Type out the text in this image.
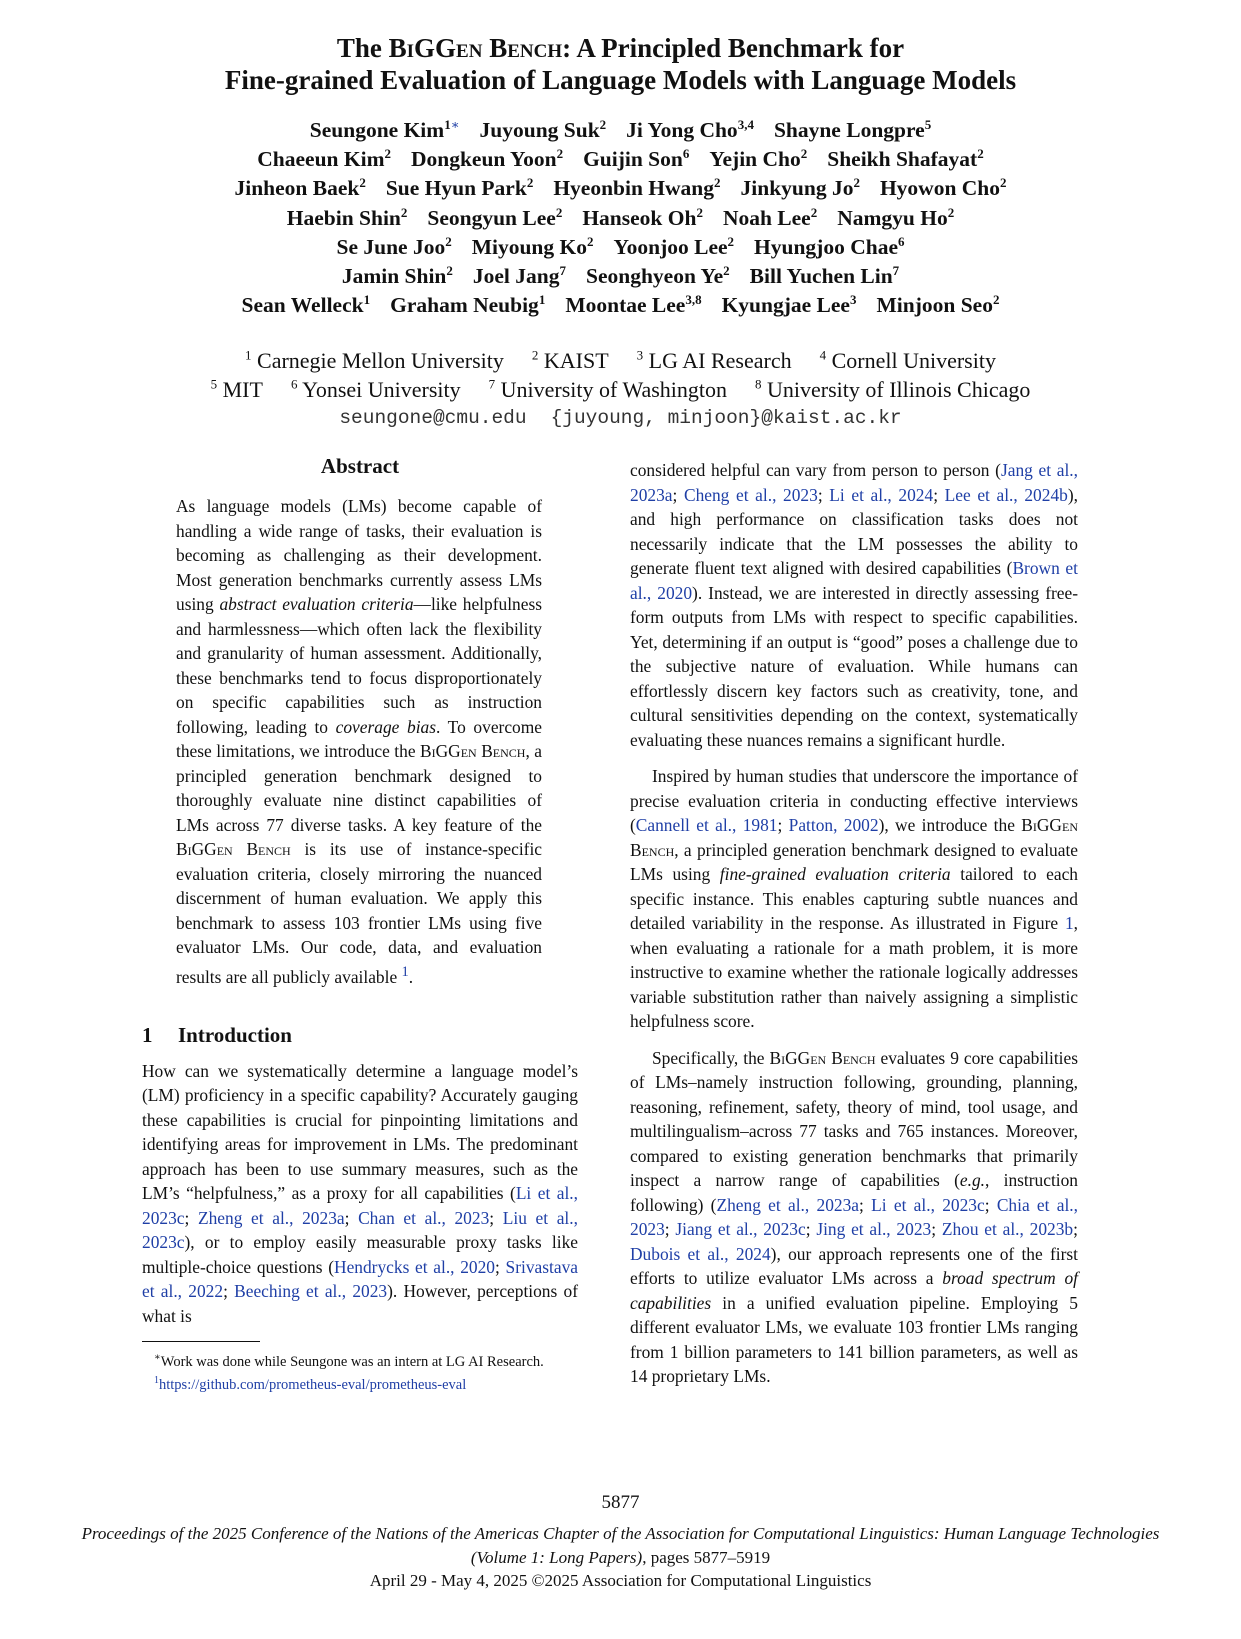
The BiGGen Bench: A Principled Benchmark for
Fine-grained Evaluation of Language Models with Language Models
Seungone Kim$^{1∗}$ Juyoung Suk$^2$ Ji Yong Cho$^{3,4}$ Shayne Longpre$^5$
Chaeeun Kim$^2$ Dongkeun Yoon$^2$ Guijin Son$^6$ Yejin Cho$^2$ Sheikh Shafayat$^2$
Jinheon Baek$^2$ Sue Hyun Park$^2$ Hyeonbin Hwang$^2$ Jinkyung Jo$^2$ Hyowon Cho$^2$
Haebin Shin$^2$ Seongyun Lee$^2$ Hanseok Oh$^2$ Noah Lee$^2$ Namgyu Ho$^2$
Se June Joo$^2$ Miyoung Ko$^2$ Yoonjoo Lee$^2$ Hyungjoo Chae$^6$
Jamin Shin$^2$ Joel Jang$^7$ Seonghyeon Ye$^2$ Bill Yuchen Lin$^7$
Sean Welleck$^1$ Graham Neubig$^1$ Moontae Lee$^{3,8}$ Kyungjae Lee$^3$ Minjoon Seo$^2$
$^1$ Carnegie Mellon University $^2$ KAIST $^3$ LG AI Research $^4$ Cornell University
$^5$ MIT $^6$ Yonsei University $^7$ University of Washington $^8$ University of Illinois Chicago
seungone@cmu.edu {juyoung, minjoon}@kaist.ac.kr
Abstract

As language models (LMs) become capable of handling a wide range of tasks, their evaluation is becoming as challenging as their development. Most generation benchmarks currently assess LMs using abstract evaluation criteria—like helpfulness and harmlessness—which often lack the flexibility and granularity of human assessment. Additionally, these benchmarks tend to focus disproportionately on specific capabilities such as instruction following, leading to coverage bias. To overcome these limitations, we introduce the BiGGen Bench, a principled generation benchmark designed to thoroughly evaluate nine distinct capabilities of LMs across 77 diverse tasks. A key feature of the BiGGen Bench is its use of instance-specific evaluation criteria, closely mirroring the nuanced discernment of human evaluation. We apply this benchmark to assess 103 frontier LMs using five evaluator LMs. Our code, data, and evaluation results are all publicly available $^1$.

1 Introduction

How can we systematically determine a language model’s (LM) proficiency in a specific capability? Accurately gauging these capabilities is crucial for pinpointing limitations and identifying areas for improvement in LMs. The predominant approach has been to use summary measures, such as the LM’s “helpfulness,” as a proxy for all capabilities (Li et al., 2023c; Zheng et al., 2023a; Chan et al., 2023; Liu et al., 2023c), or to employ easily measurable proxy tasks like multiple-choice questions (Hendrycks et al., 2020; Srivastava et al., 2022; Beeching et al., 2023). However, perceptions of what is

∗Work was done while Seungone was an intern at LG AI Research.
$^1$https://github.com/prometheus-eval/prometheus-eval

considered helpful can vary from person to person (Jang et al., 2023a; Cheng et al., 2023; Li et al., 2024; Lee et al., 2024b), and high performance on classification tasks does not necessarily indicate that the LM possesses the ability to generate fluent text aligned with desired capabilities (Brown et al., 2020). Instead, we are interested in directly assessing free-form outputs from LMs with respect to specific capabilities. Yet, determining if an output is “good” poses a challenge due to the subjective nature of evaluation. While humans can effortlessly discern key factors such as creativity, tone, and cultural sensitivities depending on the context, systematically evaluating these nuances remains a significant hurdle.

Inspired by human studies that underscore the importance of precise evaluation criteria in conducting effective interviews (Cannell et al., 1981; Patton, 2002), we introduce the BiGGen Bench, a principled generation benchmark designed to evaluate LMs using fine-grained evaluation criteria tailored to each specific instance. This enables capturing subtle nuances and detailed variability in the response. As illustrated in Figure 1, when evaluating a rationale for a math problem, it is more instructive to examine whether the rationale logically addresses variable substitution rather than naively assigning a simplistic helpfulness score.

Specifically, the BiGGen Bench evaluates 9 core capabilities of LMs–namely instruction following, grounding, planning, reasoning, refinement, safety, theory of mind, tool usage, and multilingualism–across 77 tasks and 765 instances. Moreover, compared to existing generation benchmarks that primarily inspect a narrow range of capabilities (e.g., instruction following) (Zheng et al., 2023a; Li et al., 2023c; Chia et al., 2023; Jiang et al., 2023c; Jing et al., 2023; Zhou et al., 2023b; Dubois et al., 2024), our approach represents one of the first efforts to utilize evaluator LMs across a broad spectrum of capabilities in a unified evaluation pipeline. Employing 5 different evaluator LMs, we evaluate 103 frontier LMs ranging from 1 billion parameters to 141 billion parameters, as well as 14 proprietary LMs.

5877
Proceedings of the 2025 Conference of the Nations of the Americas Chapter of the Association for Computational Linguistics: Human Language Technologies
(Volume 1: Long Papers), pages 5877–5919
April 29 - May 4, 2025 ©2025 Association for Computational Linguistics
